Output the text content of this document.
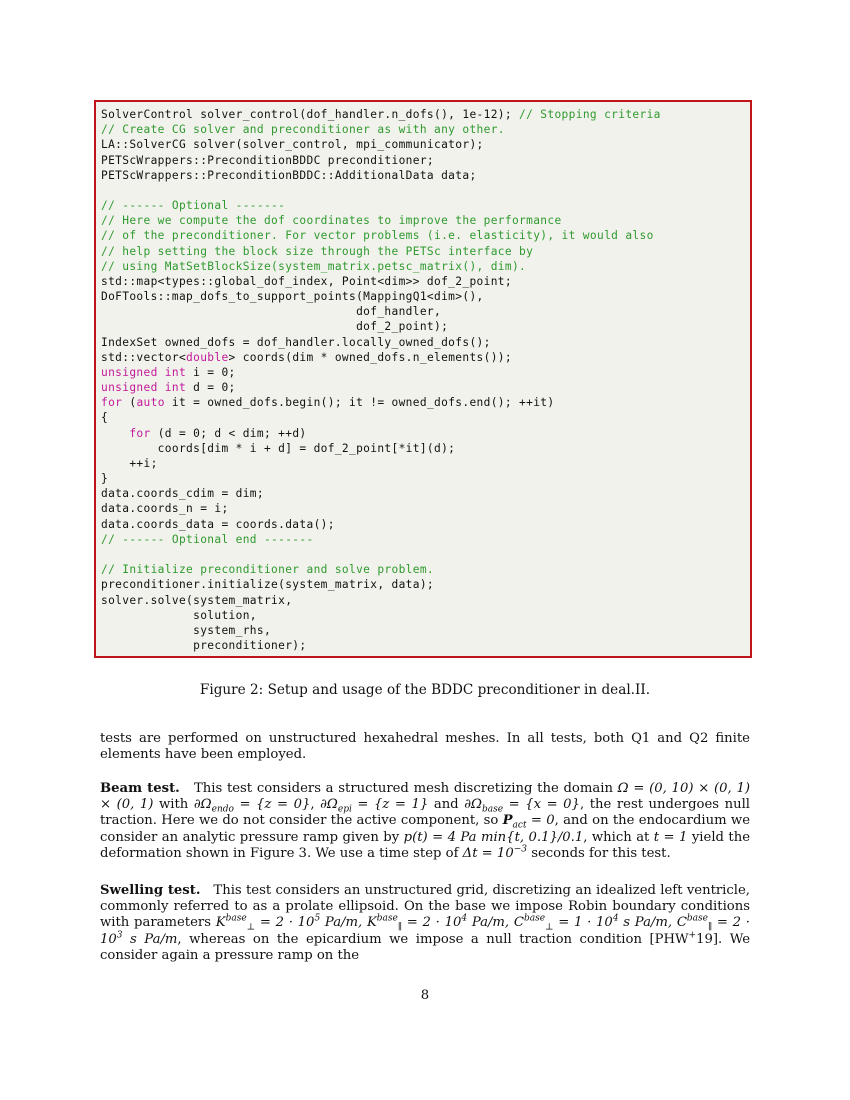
SolverControl solver_control(dof_handler.n_dofs(), 1e-12); // Stopping criteria
// Create CG solver and preconditioner as with any other.
LA::SolverCG solver(solver_control, mpi_communicator);
PETScWrappers::PreconditionBDDC preconditioner;
PETScWrappers::PreconditionBDDC::AdditionalData data;

// ------ Optional -------
// Here we compute the dof coordinates to improve the performance
// of the preconditioner. For vector problems (i.e. elasticity), it would also
// help setting the block size through the PETSc interface by
// using MatSetBlockSize(system_matrix.petsc_matrix(), dim).
std::map<types::global_dof_index, Point<dim>> dof_2_point;
DoFTools::map_dofs_to_support_points(MappingQ1<dim>(),
dof_handler,
dof_2_point);
IndexSet owned_dofs = dof_handler.locally_owned_dofs();
std::vector<double> coords(dim * owned_dofs.n_elements());
unsigned int i = 0;
unsigned int d = 0;
for (auto it = owned_dofs.begin(); it != owned_dofs.end(); ++it)
{
for (d = 0; d < dim; ++d)
coords[dim * i + d] = dof_2_point[*it](d);
++i;
}
data.coords_cdim = dim;
data.coords_n = i;
data.coords_data = coords.data();
// ------ Optional end -------

// Initialize preconditioner and solve problem.
preconditioner.initialize(system_matrix, data);
solver.solve(system_matrix,
solution,
system_rhs,
preconditioner);
Figure 2: Setup and usage of the BDDC preconditioner in deal.II.

tests are performed on unstructured hexahedral meshes. In all tests, both Q1 and Q2 finite elements have been employed.

Beam test. This test considers a structured mesh discretizing the domain Ω = (0, 10) × (0, 1) × (0, 1) with $\partial\Omega_{endo} = \{z = 0\}$, $\partial\Omega_{epi} = \{z = 1\}$ and $\partial\Omega_{base} = \{x = 0\}$, the rest undergoes null traction. Here we do not consider the active component, so $P_{act} = 0$, and on the endocardium we consider an analytic pressure ramp given by p(t) = 4 Pa min{t, 0.1}/0.1, which at t = 1 yield the deformation shown in Figure 3. We use a time step of $\Delta t = 10^{-3}$ seconds for this test.

Swelling test. This test considers an unstructured grid, discretizing an idealized left ventricle, commonly referred to as a prolate ellipsoid. On the base we impose Robin boundary conditions with parameters $K^{base}_\perp = 2 \cdot 10^5$ Pa/m, $K^{base}_\parallel = 2 \cdot 10^4$ Pa/m, $C^{base}_\perp = 1 \cdot 10^4$ s Pa/m, $C^{base}_\parallel = 2 \cdot 10^3$ s Pa/m, whereas on the epicardium we impose a null traction condition [PHW+19]. We consider again a pressure ramp on the

8
